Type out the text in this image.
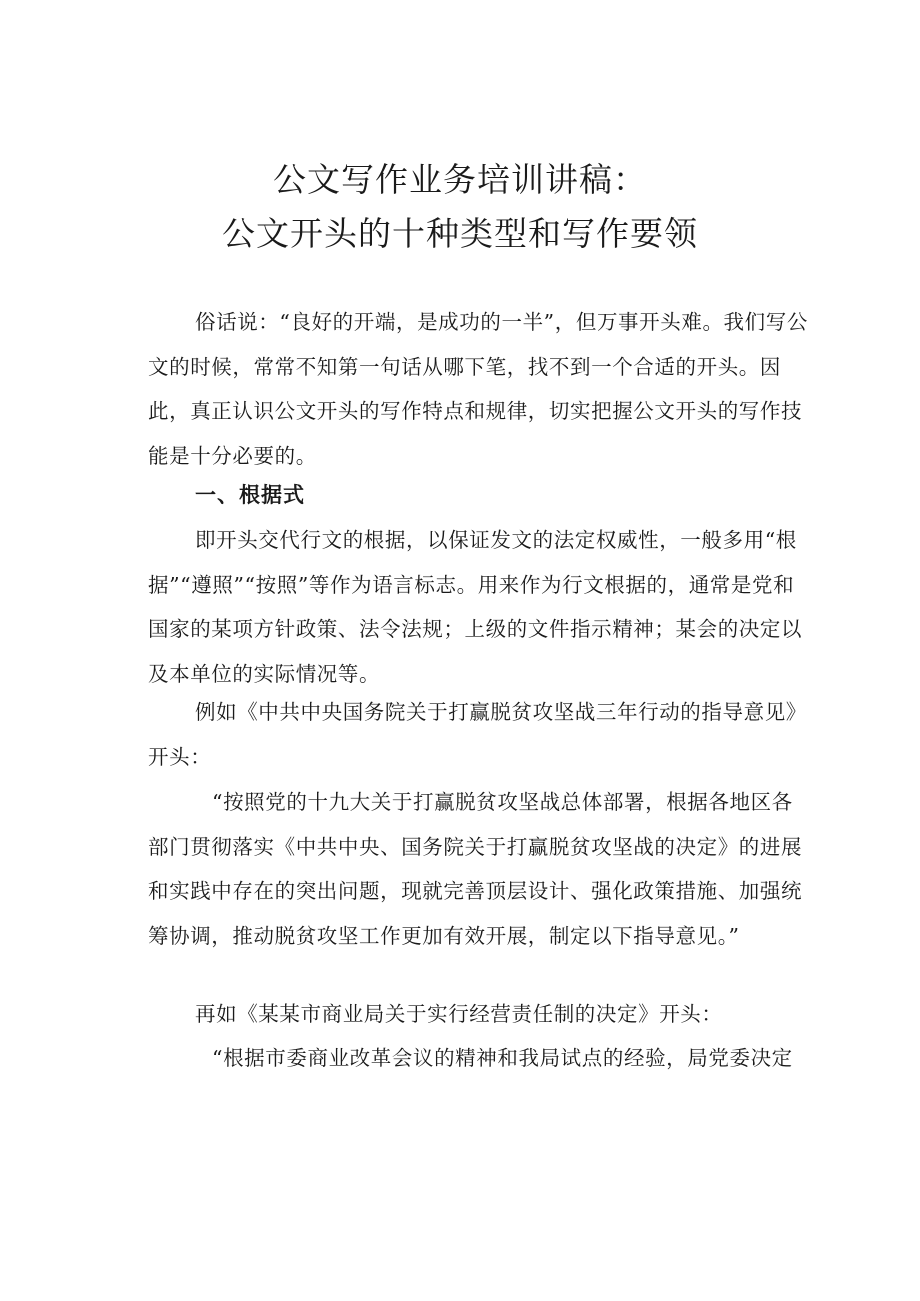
公文写作业务培训讲稿：
公文开头的十种类型和写作要领

俗话说：“良好的开端，是成功的一半”，但万事开头难。我们写公文的时候，常常不知第一句话从哪下笔，找不到一个合适的开头。因此，真正认识公文开头的写作特点和规律，切实把握公文开头的写作技能是十分必要的。

一、根据式

即开头交代行文的根据，以保证发文的法定权威性，一般多用“根据”“遵照”“按照”等作为语言标志。用来作为行文根据的，通常是党和国家的某项方针政策、法令法规；上级的文件指示精神；某会的决定以及本单位的实际情况等。

例如《中共中央国务院关于打赢脱贫攻坚战三年行动的指导意见》开头：

“按照党的十九大关于打赢脱贫攻坚战总体部署，根据各地区各部门贯彻落实《中共中央、国务院关于打赢脱贫攻坚战的决定》的进展和实践中存在的突出问题，现就完善顶层设计、强化政策措施、加强统筹协调，推动脱贫攻坚工作更加有效开展，制定以下指导意见。”

再如《某某市商业局关于实行经营责任制的决定》开头：

“根据市委商业改革会议的精神和我局试点的经验，局党委决定
